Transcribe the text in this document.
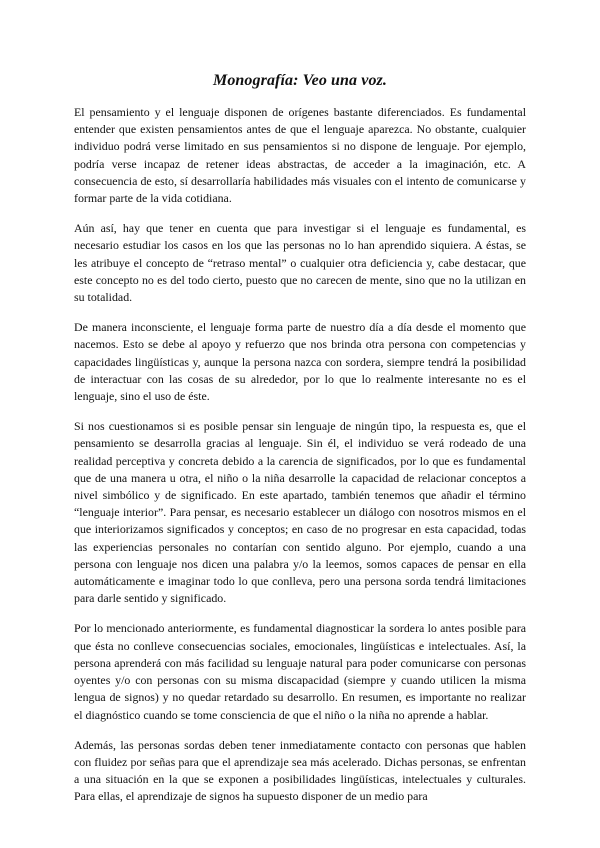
Monografía: Veo una voz.

El pensamiento y el lenguaje disponen de orígenes bastante diferenciados. Es fundamental entender que existen pensamientos antes de que el lenguaje aparezca. No obstante, cualquier individuo podrá verse limitado en sus pensamientos si no dispone de lenguaje. Por ejemplo, podría verse incapaz de retener ideas abstractas, de acceder a la imaginación, etc. A consecuencia de esto, sí desarrollaría habilidades más visuales con el intento de comunicarse y formar parte de la vida cotidiana.

Aún así, hay que tener en cuenta que para investigar si el lenguaje es fundamental, es necesario estudiar los casos en los que las personas no lo han aprendido siquiera. A éstas, se les atribuye el concepto de “retraso mental” o cualquier otra deficiencia y, cabe destacar, que este concepto no es del todo cierto, puesto que no carecen de mente, sino que no la utilizan en su totalidad.

De manera inconsciente, el lenguaje forma parte de nuestro día a día desde el momento que nacemos. Esto se debe al apoyo y refuerzo que nos brinda otra persona con competencias y capacidades lingüísticas y, aunque la persona nazca con sordera, siempre tendrá la posibilidad de interactuar con las cosas de su alrededor, por lo que lo realmente interesante no es el lenguaje, sino el uso de éste.

Si nos cuestionamos si es posible pensar sin lenguaje de ningún tipo, la respuesta es, que el pensamiento se desarrolla gracias al lenguaje. Sin él, el individuo se verá rodeado de una realidad perceptiva y concreta debido a la carencia de significados, por lo que es fundamental que de una manera u otra, el niño o la niña desarrolle la capacidad de relacionar conceptos a nivel simbólico y de significado. En este apartado, también tenemos que añadir el término “lenguaje interior”. Para pensar, es necesario establecer un diálogo con nosotros mismos en el que interiorizamos significados y conceptos; en caso de no progresar en esta capacidad, todas las experiencias personales no contarían con sentido alguno. Por ejemplo, cuando a una persona con lenguaje nos dicen una palabra y/o la leemos, somos capaces de pensar en ella automáticamente e imaginar todo lo que conlleva, pero una persona sorda tendrá limitaciones para darle sentido y significado.

Por lo mencionado anteriormente, es fundamental diagnosticar la sordera lo antes posible para que ésta no conlleve consecuencias sociales, emocionales, lingüísticas e intelectuales. Así, la persona aprenderá con más facilidad su lenguaje natural para poder comunicarse con personas oyentes y/o con personas con su misma discapacidad (siempre y cuando utilicen la misma lengua de signos) y no quedar retardado su desarrollo. En resumen, es importante no realizar el diagnóstico cuando se tome consciencia de que el niño o la niña no aprende a hablar.

Además, las personas sordas deben tener inmediatamente contacto con personas que hablen con fluidez por señas para que el aprendizaje sea más acelerado. Dichas personas, se enfrentan a una situación en la que se exponen a posibilidades lingüísticas, intelectuales y culturales. Para ellas, el aprendizaje de signos ha supuesto disponer de un medio para
